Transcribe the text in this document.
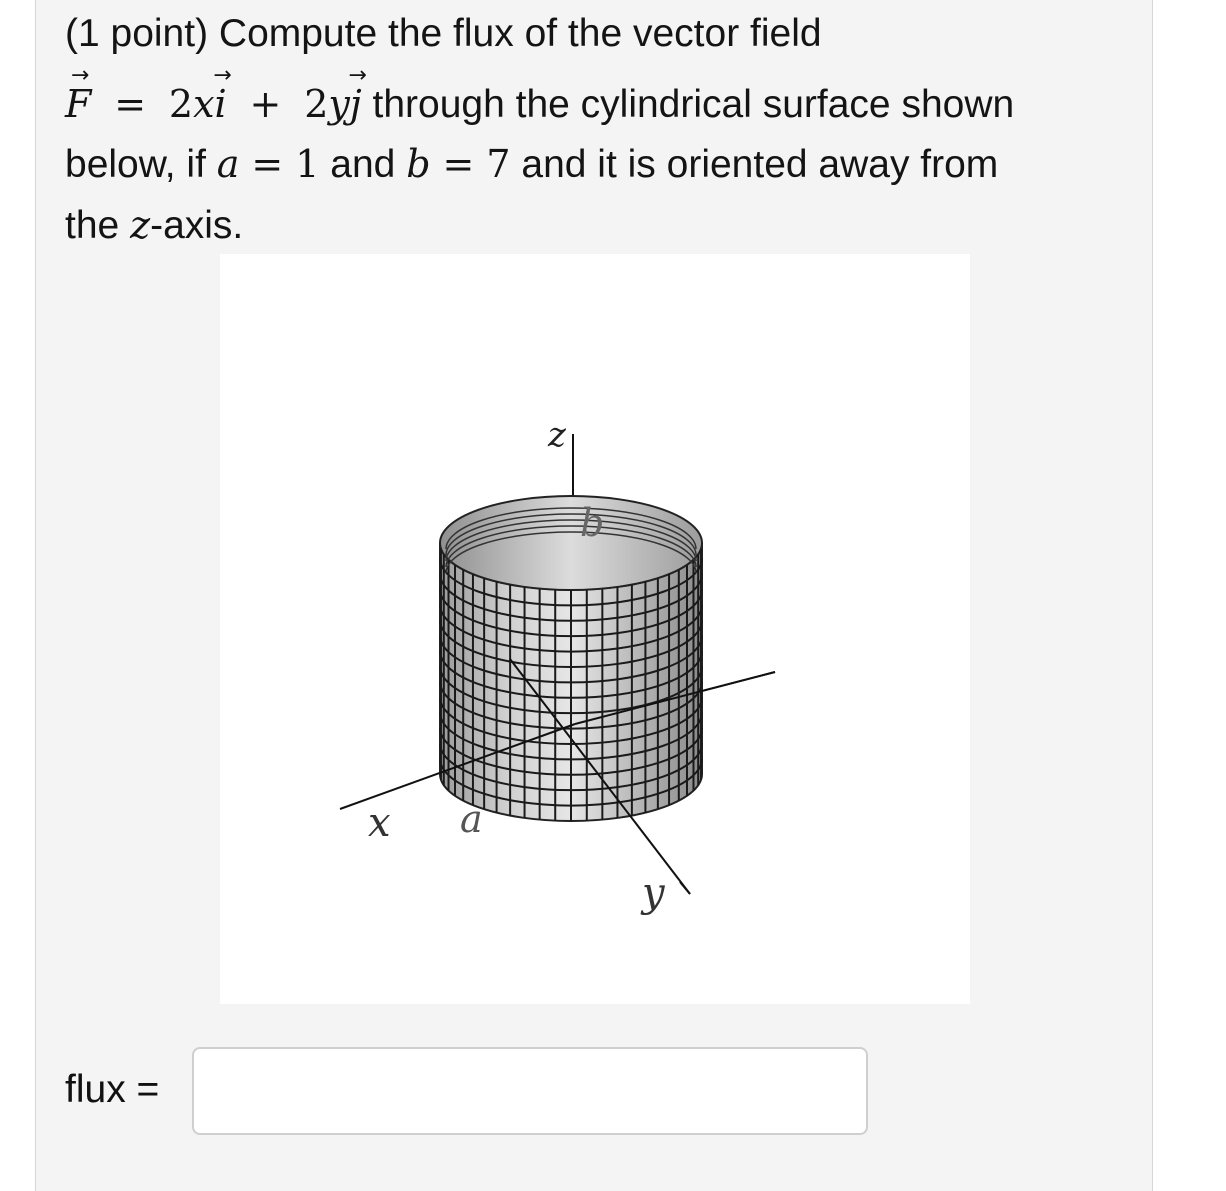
(1 point) Compute the flux of the vector field
→
F = 2x
→
i + 2y
→
j through the cylindrical surface shown
below, if a = 1 and b = 7 and it is oriented away from
the z-axis.
z
x
y
a
b
flux =
